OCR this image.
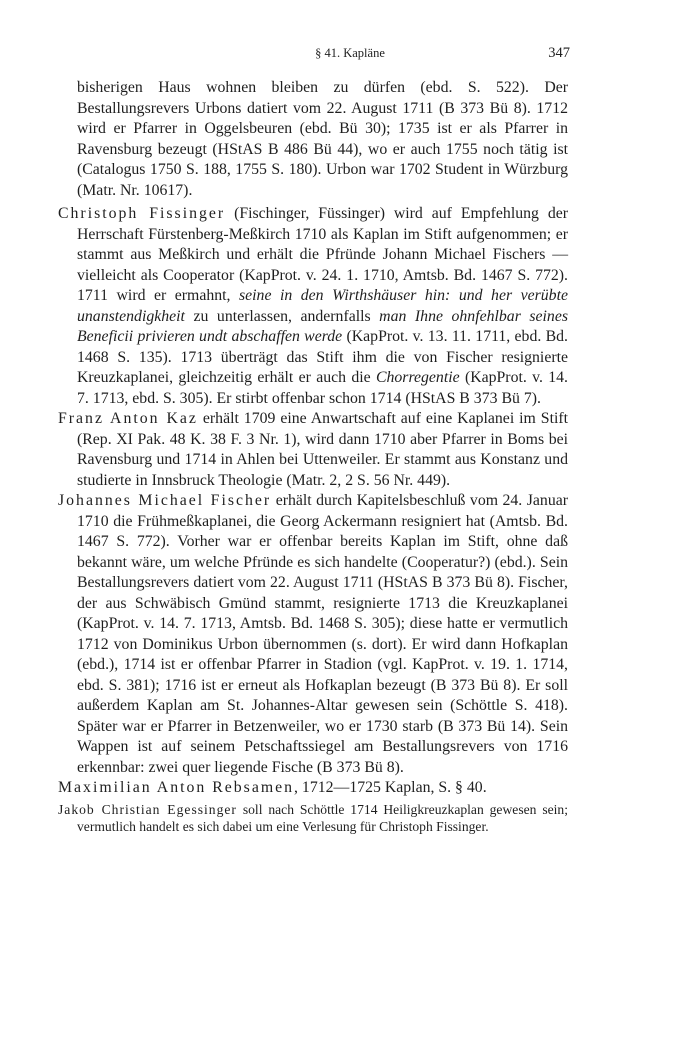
§ 41. Kapläne	347

bisherigen Haus wohnen bleiben zu dürfen (ebd. S. 522). Der Bestallungsrevers Urbons datiert vom 22. August 1711 (B 373 Bü 8). 1712 wird er Pfarrer in Oggelsbeuren (ebd. Bü 30); 1735 ist er als Pfarrer in Ravensburg bezeugt (HStAS B 486 Bü 44), wo er auch 1755 noch tätig ist (Catalogus 1750 S. 188, 1755 S. 180). Urbon war 1702 Student in Würzburg (Matr. Nr. 10617).

Christoph Fissinger (Fischinger, Füssinger) wird auf Empfehlung der Herrschaft Fürstenberg-Meßkirch 1710 als Kaplan im Stift aufgenommen; er stammt aus Meßkirch und erhält die Pfründe Johann Michael Fischers — vielleicht als Cooperator (KapProt. v. 24. 1. 1710, Amtsb. Bd. 1467 S. 772). 1711 wird er ermahnt, seine in den Wirthshäuser hin: und her verübte unanstendigkheit zu unterlassen, andernfalls man Ihne ohnfehlbar seines Beneficii privieren undt abschaffen werde (KapProt. v. 13. 11. 1711, ebd. Bd. 1468 S. 135). 1713 überträgt das Stift ihm die von Fischer resignierte Kreuzkaplanei, gleichzeitig erhält er auch die Chorregentie (KapProt. v. 14. 7. 1713, ebd. S. 305). Er stirbt offenbar schon 1714 (HStAS B 373 Bü 7).

Franz Anton Kaz erhält 1709 eine Anwartschaft auf eine Kaplanei im Stift (Rep. XI Pak. 48 K. 38 F. 3 Nr. 1), wird dann 1710 aber Pfarrer in Boms bei Ravensburg und 1714 in Ahlen bei Uttenweiler. Er stammt aus Konstanz und studierte in Innsbruck Theologie (Matr. 2, 2 S. 56 Nr. 449).

Johannes Michael Fischer erhält durch Kapitelsbeschluß vom 24. Januar 1710 die Frühmeßkaplanei, die Georg Ackermann resigniert hat (Amtsb. Bd. 1467 S. 772). Vorher war er offenbar bereits Kaplan im Stift, ohne daß bekannt wäre, um welche Pfründe es sich handelte (Cooperatur?) (ebd.). Sein Bestallungsrevers datiert vom 22. August 1711 (HStAS B 373 Bü 8). Fischer, der aus Schwäbisch Gmünd stammt, resignierte 1713 die Kreuzkaplanei (KapProt. v. 14. 7. 1713, Amtsb. Bd. 1468 S. 305); diese hatte er vermutlich 1712 von Dominikus Urbon übernommen (s. dort). Er wird dann Hofkaplan (ebd.), 1714 ist er offenbar Pfarrer in Stadion (vgl. KapProt. v. 19. 1. 1714, ebd. S. 381); 1716 ist er erneut als Hofkaplan bezeugt (B 373 Bü 8). Er soll außerdem Kaplan am St. Johannes-Altar gewesen sein (Schöttle S. 418). Später war er Pfarrer in Betzenweiler, wo er 1730 starb (B 373 Bü 14). Sein Wappen ist auf seinem Petschaftssiegel am Bestallungsrevers von 1716 erkennbar: zwei quer liegende Fische (B 373 Bü 8).

Maximilian Anton Rebsamen, 1712—1725 Kaplan, S. § 40.

Jakob Christian Egessinger soll nach Schöttle 1714 Heiligkreuzkaplan gewesen sein; vermutlich handelt es sich dabei um eine Verlesung für Christoph Fissinger.
